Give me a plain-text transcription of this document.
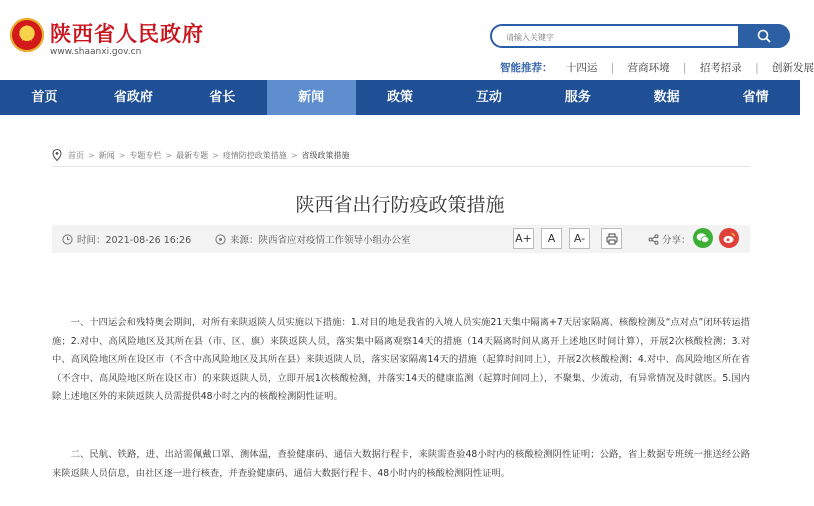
陕西省人民政府
www.shaanxi.gov.cn
请输入关键字
智能推荐： 十四运 | 营商环境 | 招考招录 | 创新发展
首页	省政府	省长	新闻	政策	互动	服务	数据	省情
首页 > 新闻 > 专题专栏 > 最新专题 > 疫情防控政策措施 > 省级政策措施
陕西省出行防疫政策措施
时间：2021-08-26 16:26	来源：陕西省应对疫情工作领导小组办公室	A+	A	A-	分享：

一、十四运会和残特奥会期间，对所有来陕返陕人员实施以下措施：1.对目的地是我省的入境人员实施21天集中隔离+7天居家隔离、核酸检测及“点对点”闭环转运措施；2.对中、高风险地区及其所在县（市、区、旗）来陕返陕人员，落实集中隔离观察14天的措施（14天隔离时间从离开上述地区时间计算），开展2次核酸检测；3.对中、高风险地区所在设区市（不含中高风险地区及其所在县）来陕返陕人员，落实居家隔离14天的措施（起算时间同上），开展2次核酸检测；4.对中、高风险地区所在省（不含中、高风险地区所在设区市）的来陕返陕人员，立即开展1次核酸检测，并落实14天的健康监测（起算时间同上），不聚集、少流动，有异常情况及时就医。5.国内除上述地区外的来陕返陕人员需提供48小时之内的核酸检测阴性证明。

二、民航、铁路，进、出站需佩戴口罩、测体温，查验健康码、通信大数据行程卡，来陕需查验48小时内的核酸检测阴性证明；公路，省上数据专班统一推送经公路来陕返陕人员信息，由社区逐一进行核查，并查验健康码、通信大数据行程卡、48小时内的核酸检测阴性证明。
